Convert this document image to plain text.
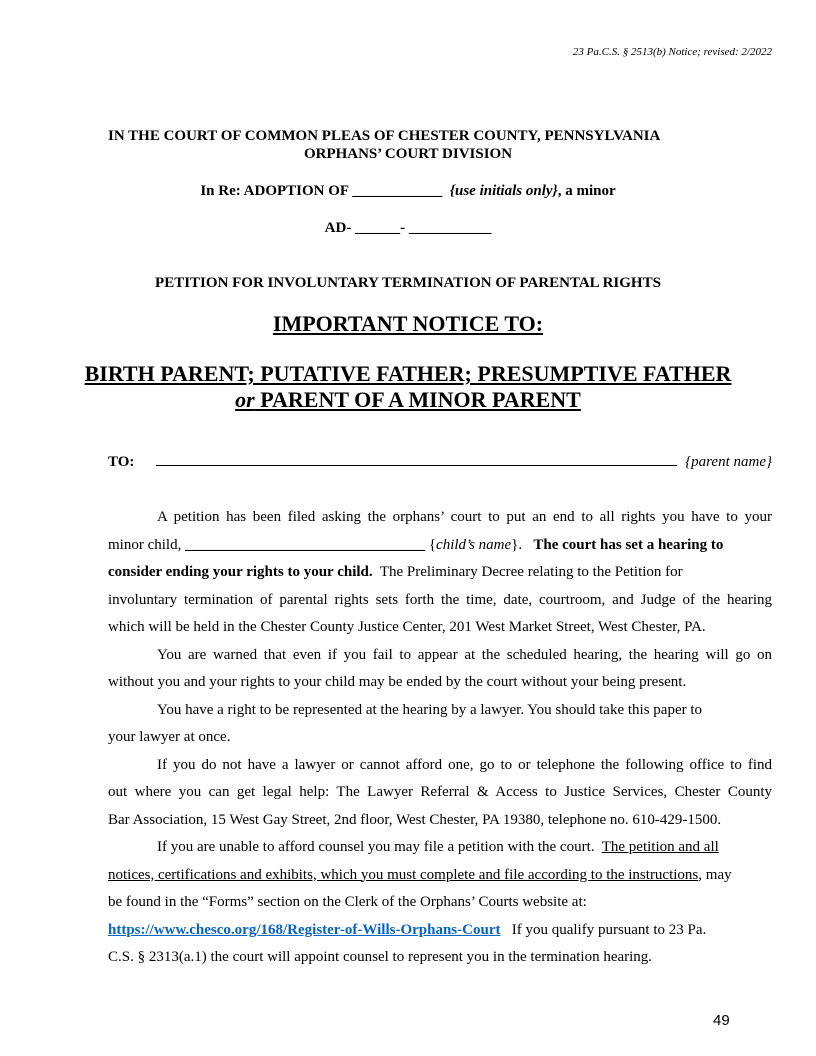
23 Pa.C.S. § 2513(b) Notice; revised: 2/2022
IN THE COURT OF COMMON PLEAS OF CHESTER COUNTY, PENNSYLVANIA
ORPHANS’ COURT DIVISION
In Re: ADOPTION OF ____________ {use initials only}, a minor
AD- ______- ___________
PETITION FOR INVOLUNTARY TERMINATION OF PARENTAL RIGHTS
IMPORTANT NOTICE TO:
BIRTH PARENT; PUTATIVE FATHER; PRESUMPTIVE FATHER
or PARENT OF A MINOR PARENT
TO:	{parent name}
A petition has been filed asking the orphans’ court to put an end to all rights you have to your
minor child, ________________________________ {child’s name}.   The court has set a hearing to
consider ending your rights to your child.  The Preliminary Decree relating to the Petition for
involuntary termination of parental rights sets forth the time, date, courtroom, and Judge of the hearing
which will be held in the Chester County Justice Center, 201 West Market Street, West Chester, PA.
You are warned that even if you fail to appear at the scheduled hearing, the hearing will go on
without you and your rights to your child may be ended by the court without your being present.
You have a right to be represented at the hearing by a lawyer. You should take this paper to
your lawyer at once.
If you do not have a lawyer or cannot afford one, go to or telephone the following office to find
out where you can get legal help: The Lawyer Referral & Access to Justice Services, Chester County
Bar Association, 15 West Gay Street, 2nd floor, West Chester, PA 19380, telephone no. 610-429-1500.
If you are unable to afford counsel you may file a petition with the court.  The petition and all
notices, certifications and exhibits, which you must complete and file according to the instructions, may
be found in the “Forms” section on the Clerk of the Orphans’ Courts website at:
https://www.chesco.org/168/Register-of-Wills-Orphans-Court   If you qualify pursuant to 23 Pa.
C.S. § 2313(a.1) the court will appoint counsel to represent you in the termination hearing.
49
